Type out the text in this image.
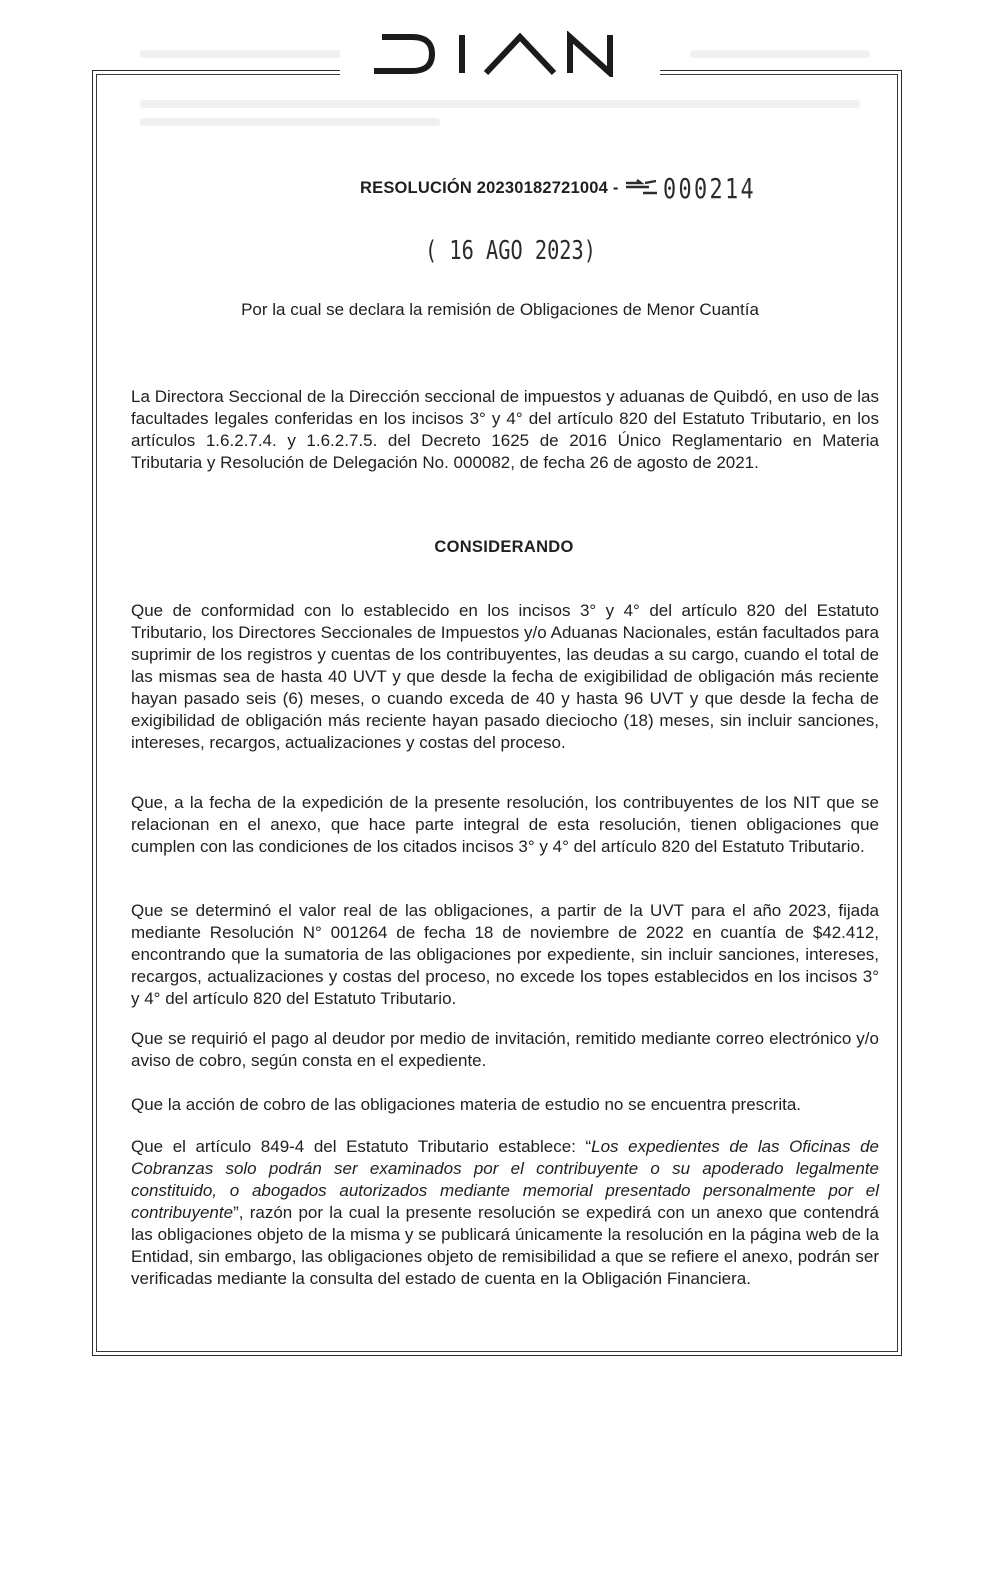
RESOLUCIÓN 20230182721004 - 000214
( 16 AGO 2023)
Por la cual se declara la remisión de Obligaciones de Menor Cuantía
La Directora Seccional de la Dirección seccional de impuestos y aduanas de Quibdó, en uso de las facultades legales conferidas en los incisos 3° y 4° del artículo 820 del Estatuto Tributario, en los artículos 1.6.2.7.4. y 1.6.2.7.5. del Decreto 1625 de 2016 Único Reglamentario en Materia Tributaria y Resolución de Delegación No. 000082, de fecha 26 de agosto de 2021.
CONSIDERANDO
Que de conformidad con lo establecido en los incisos 3° y 4° del artículo 820 del Estatuto Tributario, los Directores Seccionales de Impuestos y/o Aduanas Nacionales, están facultados para suprimir de los registros y cuentas de los contribuyentes, las deudas a su cargo, cuando el total de las mismas sea de hasta 40 UVT y que desde la fecha de exigibilidad de obligación más reciente hayan pasado seis (6) meses, o cuando exceda de 40 y hasta 96 UVT y que desde la fecha de exigibilidad de obligación más reciente hayan pasado dieciocho (18) meses, sin incluir sanciones, intereses, recargos, actualizaciones y costas del proceso.
Que, a la fecha de la expedición de la presente resolución, los contribuyentes de los NIT que se relacionan en el anexo, que hace parte integral de esta resolución, tienen obligaciones que cumplen con las condiciones de los citados incisos 3° y 4° del artículo 820 del Estatuto Tributario.
Que se determinó el valor real de las obligaciones, a partir de la UVT para el año 2023, fijada mediante Resolución N° 001264 de fecha 18 de noviembre de 2022 en cuantía de $42.412, encontrando que la sumatoria de las obligaciones por expediente, sin incluir sanciones, intereses, recargos, actualizaciones y costas del proceso, no excede los topes establecidos en los incisos 3° y 4° del artículo 820 del Estatuto Tributario.
Que se requirió el pago al deudor por medio de invitación, remitido mediante correo electrónico y/o aviso de cobro, según consta en el expediente.
Que la acción de cobro de las obligaciones materia de estudio no se encuentra prescrita.
Que el artículo 849-4 del Estatuto Tributario establece: “Los expedientes de las Oficinas de Cobranzas solo podrán ser examinados por el contribuyente o su apoderado legalmente constituido, o abogados autorizados mediante memorial presentado personalmente por el contribuyente”, razón por la cual la presente resolución se expedirá con un anexo que contendrá las obligaciones objeto de la misma y se publicará únicamente la resolución en la página web de la Entidad, sin embargo, las obligaciones objeto de remisibilidad a que se refiere el anexo, podrán ser verificadas mediante la consulta del estado de cuenta en la Obligación Financiera.
